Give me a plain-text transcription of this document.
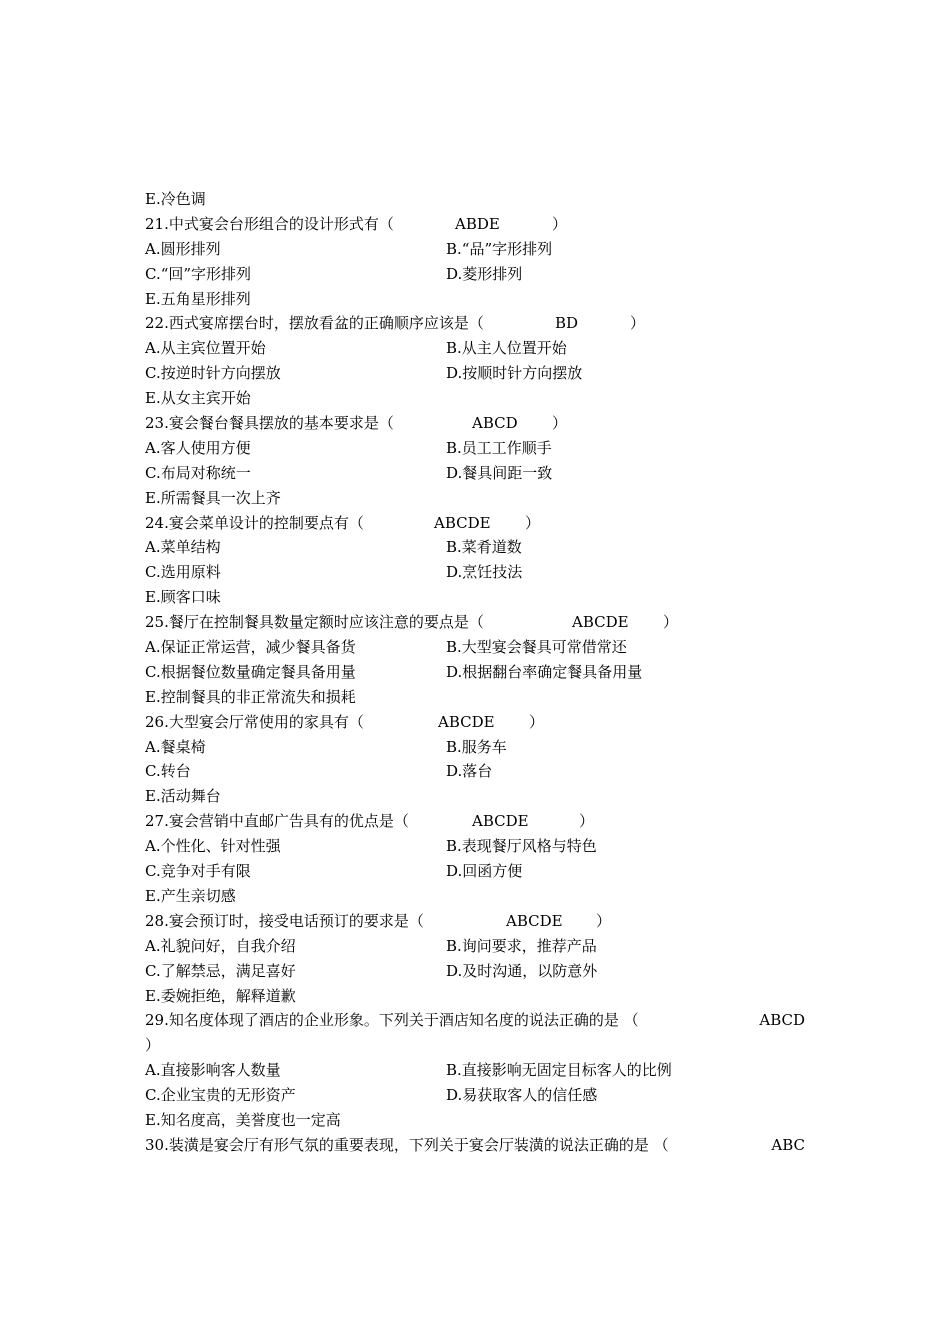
E.冷色调
21.中式宴会台形组合的设计形式有（	ABDE	）
A.圆形排列	B.“品”字形排列
C.“回”字形排列	D.菱形排列
E.五角星形排列
22.西式宴席摆台时，摆放看盆的正确顺序应该是（	BD	）
A.从主宾位置开始	B.从主人位置开始
C.按逆时针方向摆放	D.按顺时针方向摆放
E.从女主宾开始
23.宴会餐台餐具摆放的基本要求是（	ABCD ）
A.客人使用方便	B.员工工作顺手
C.布局对称统一	D.餐具间距一致
E.所需餐具一次上齐
24.宴会菜单设计的控制要点有（	ABCDE ）
A.菜单结构	B.菜肴道数
C.选用原料	D.烹饪技法
E.顾客口味
25.餐厅在控制餐具数量定额时应该注意的要点是（	ABCDE ）
A.保证正常运营，减少餐具备货	B.大型宴会餐具可常借常还
C.根据餐位数量确定餐具备用量	D.根据翻台率确定餐具备用量
E.控制餐具的非正常流失和损耗
26.大型宴会厅常使用的家具有（	ABCDE ）
A.餐桌椅	B.服务车
C.转台	D.落台
E.活动舞台
27.宴会营销中直邮广告具有的优点是（	ABCDE	）
A.个性化、针对性强	B.表现餐厅风格与特色
C.竞争对手有限	D.回函方便
E.产生亲切感
28.宴会预订时，接受电话预订的要求是（	ABCDE ）
A.礼貌问好，自我介绍	B.询问要求，推荐产品
C.了解禁忌，满足喜好	D.及时沟通，以防意外
E.委婉拒绝，解释道歉
29.知名度体现了酒店的企业形象。下列关于酒店知名度的说法正确的是 （	ABCD
）
A.直接影响客人数量	B.直接影响无固定目标客人的比例
C.企业宝贵的无形资产	D.易获取客人的信任感
E.知名度高，美誉度也一定高
30.装潢是宴会厅有形气氛的重要表现，下列关于宴会厅装潢的说法正确的是 （	ABC
